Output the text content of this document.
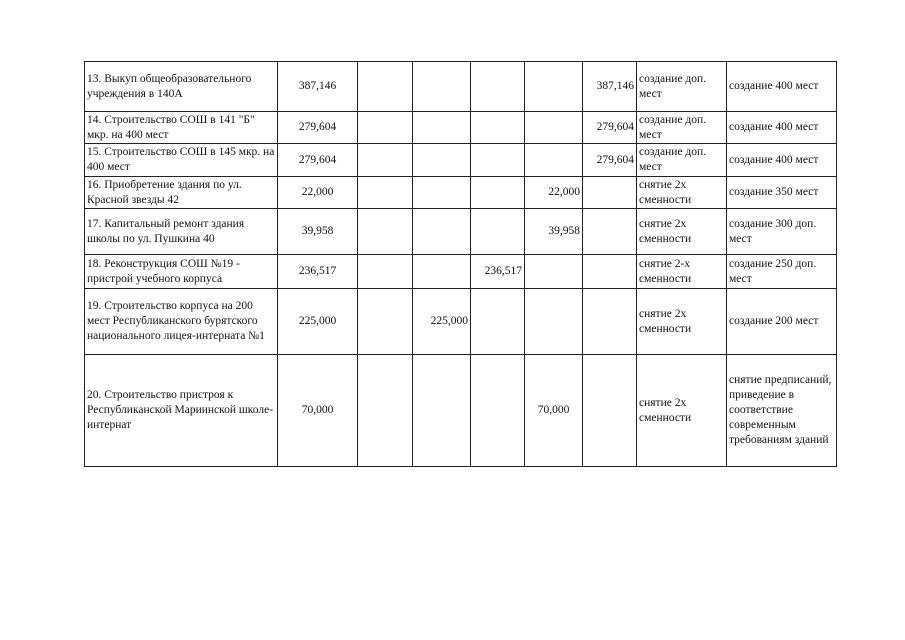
13. Выкуп общеобразовательного учреждения в 140А	387,146					387,146	создание доп. мест	создание 400 мест
14. Строительство СОШ в 141 "Б" мкр. на 400 мест	279,604					279,604	создание доп. мест	создание 400 мест
15. Строительство СОШ в 145 мкр. на 400 мест	279,604					279,604	создание доп. мест	создание 400 мест
16. Приобретение здания по ул. Красной звезды 42	22,000				22,000		снятие 2х сменности	создание 350 мест
17. Капитальный ремонт здания школы по ул. Пушкина 40	39,958				39,958		снятие 2х сменности	создание 300 доп. мест
18. Реконструкция СОШ №19 - пристрой учебного корпуса	236,517			236,517			снятие 2-х сменности	создание 250 доп. мест
19. Строительство корпуса на 200 мест Республиканского бурятского национального лицея-интерната №1	225,000		225,000				снятие 2х сменности	создание 200 мест
20. Строительство пристроя к Республиканской Мариинской школе-интернат	70,000				70,000		снятие 2х сменности	снятие предписаний, приведение в соответствие современным требованиям зданий
